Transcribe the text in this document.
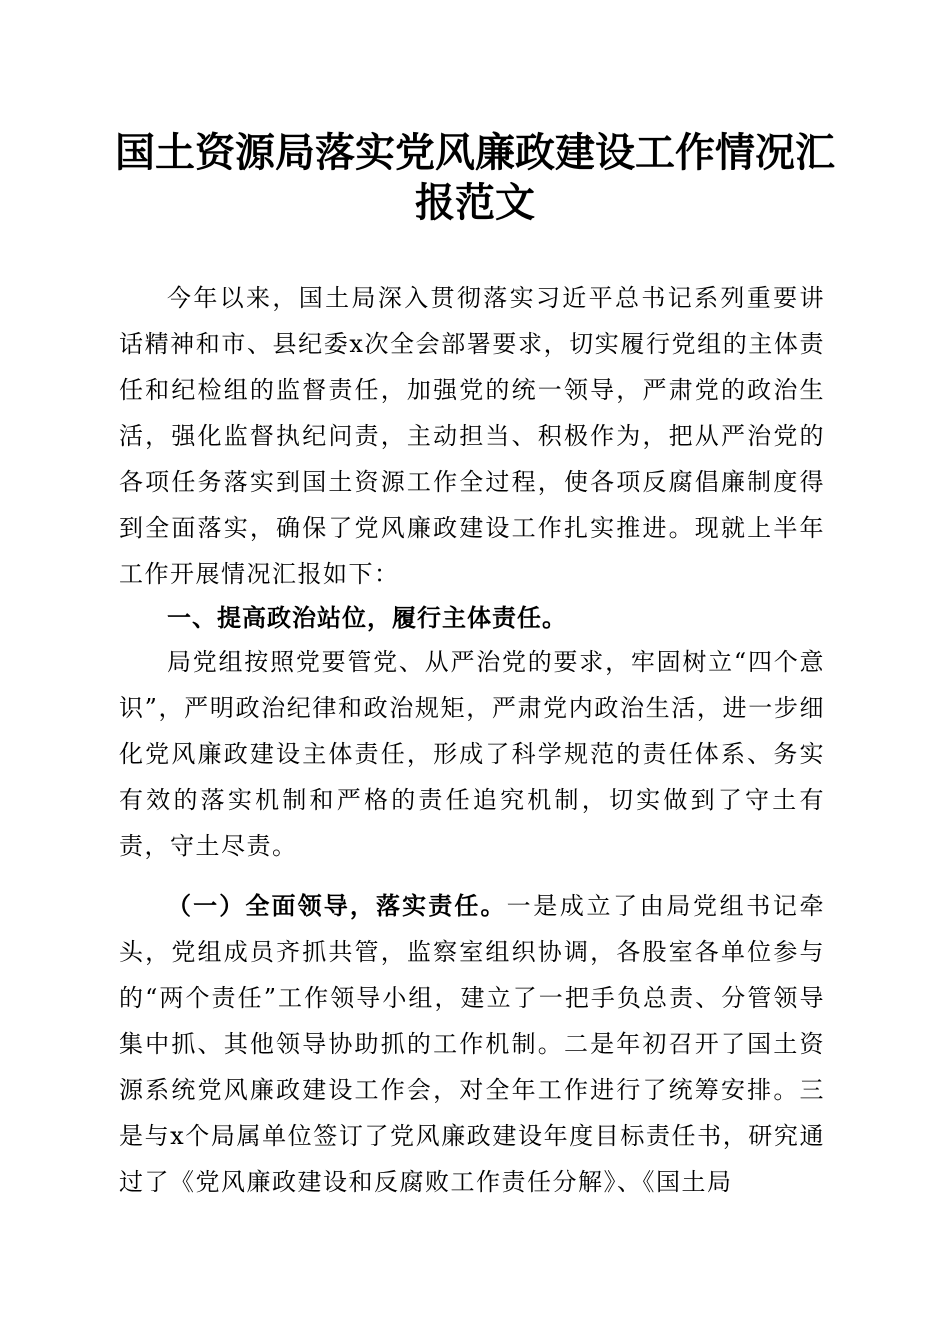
国土资源局落实党风廉政建设工作情况汇报范文

今年以来，国土局深入贯彻落实习近平总书记系列重要讲话精神和市、县纪委x次全会部署要求，切实履行党组的主体责任和纪检组的监督责任，加强党的统一领导，严肃党的政治生活，强化监督执纪问责，主动担当、积极作为，把从严治党的各项任务落实到国土资源工作全过程，使各项反腐倡廉制度得到全面落实，确保了党风廉政建设工作扎实推进。现就上半年工作开展情况汇报如下：

一、提高政治站位，履行主体责任。

局党组按照党要管党、从严治党的要求，牢固树立“四个意识”，严明政治纪律和政治规矩，严肃党内政治生活，进一步细化党风廉政建设主体责任，形成了科学规范的责任体系、务实有效的落实机制和严格的责任追究机制，切实做到了守土有责，守土尽责。

（一）全面领导，落实责任。一是成立了由局党组书记牵头，党组成员齐抓共管，监察室组织协调，各股室各单位参与的“两个责任”工作领导小组，建立了一把手负总责、分管领导集中抓、其他领导协助抓的工作机制。二是年初召开了国土资源系统党风廉政建设工作会，对全年工作进行了统筹安排。三是与x个局属单位签订了党风廉政建设年度目标责任书，研究通过了《党风廉政建设和反腐败工作责任分解》、《国土局
